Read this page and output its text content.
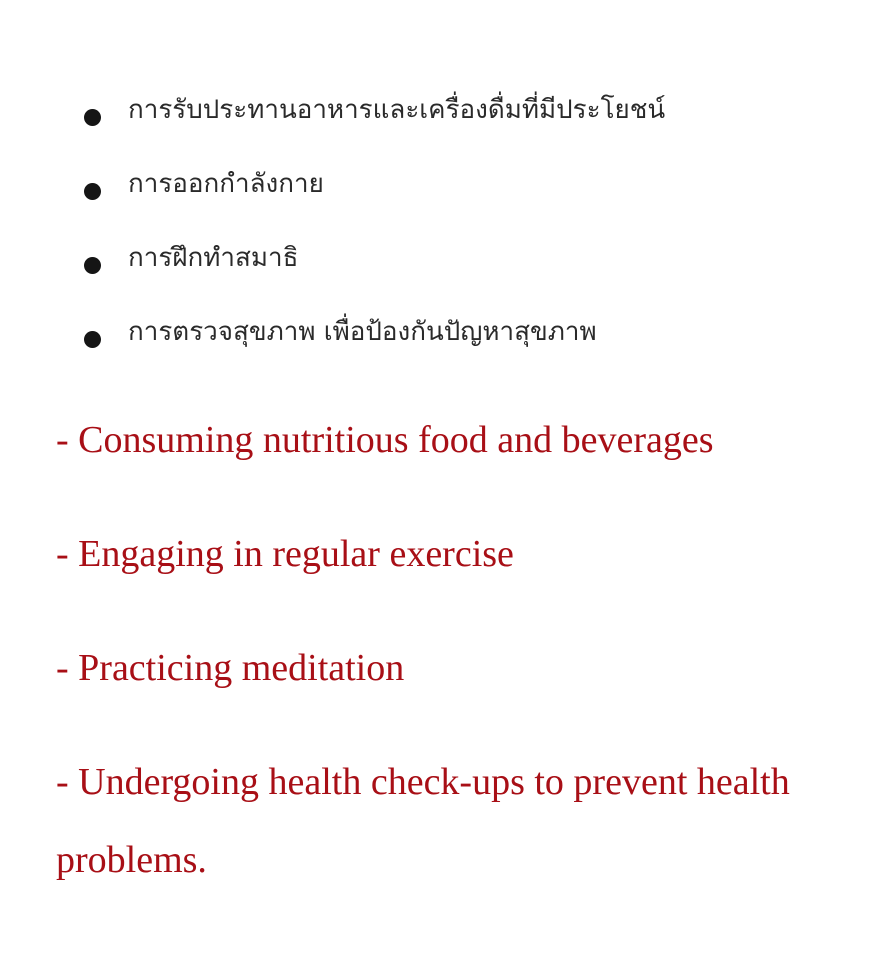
การรับประทานอาหารและเครื่องดื่มที่มีประโยชน์
การออกกำลังกาย
การฝึกทำสมาธิ
การตรวจสุขภาพ เพื่อป้องกันปัญหาสุขภาพ

- Consuming nutritious food and beverages

- Engaging in regular exercise

- Practicing meditation

- Undergoing health check-ups to prevent health problems.
